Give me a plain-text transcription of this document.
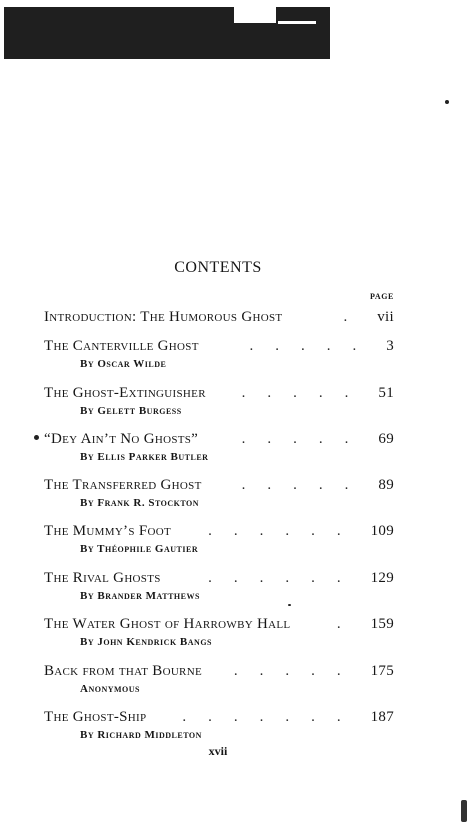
CONTENTS
PAGE
Introduction: The Humorous Ghost	. vii
The Canterville Ghost	..... 3
By Oscar Wilde
The Ghost-Extinguisher	..... 51
By Gelett Burgess
“Dey Ain’t No Ghosts”	..... 69
By Ellis Parker Butler
The Transferred Ghost	..... 89
By Frank R. Stockton
The Mummy’s Foot	...... 109
By Théophile Gautier
The Rival Ghosts	...... 129
By Brander Matthews
The Water Ghost of Harrowby Hall	. 159
By John Kendrick Bangs
Back from that Bourne	..... 175
Anonymous
The Ghost-Ship	....... 187
By Richard Middleton
xvii
